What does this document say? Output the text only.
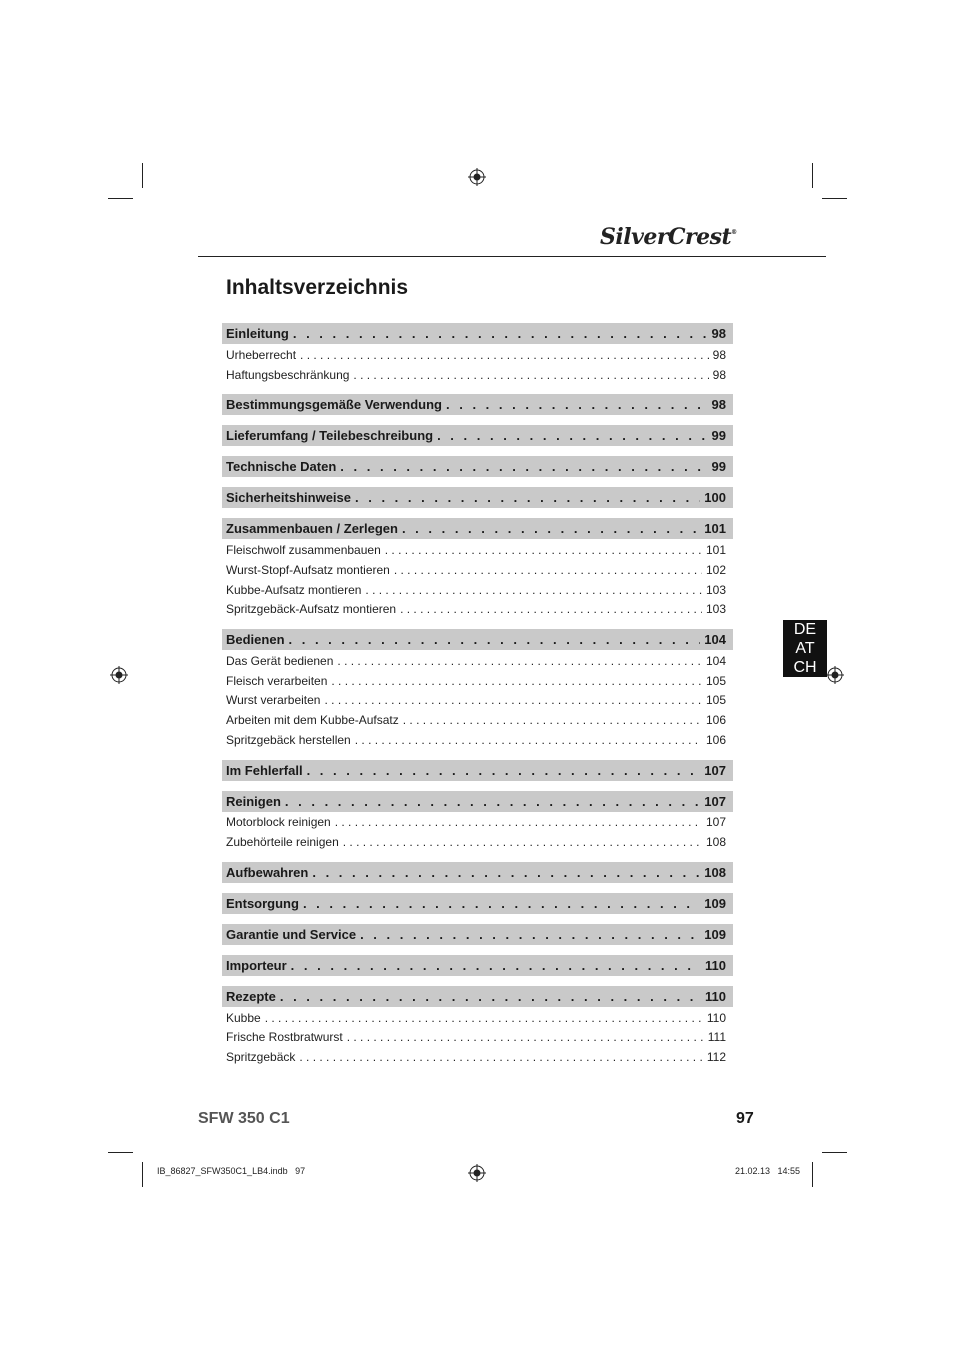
SilverCrest®
Inhaltsverzeichnis
Einleitung . . .	98
Urheberrecht . . .	98
Haftungsbeschränkung . . .	98
Bestimmungsgemäße Verwendung . . .	98
Lieferumfang / Teilebeschreibung . . .	99
Technische Daten . . .	99
Sicherheitshinweise . . .	100
Zusammenbauen / Zerlegen . . .	101
Fleischwolf zusammenbauen . . .	101
Wurst-Stopf-Aufsatz montieren . . .	102
Kubbe-Aufsatz montieren . . .	103
Spritzgebäck-Aufsatz montieren . . .	103
Bedienen . . .	104
Das Gerät bedienen . . .	104
Fleisch verarbeiten . . .	105
Wurst verarbeiten . . .	105
Arbeiten mit dem Kubbe-Aufsatz . . .	106
Spritzgebäck herstellen . . .	106
Im Fehlerfall . . .	107
Reinigen . . .	107
Motorblock reinigen . . .	107
Zubehörteile reinigen . . .	108
Aufbewahren . . .	108
Entsorgung . . .	109
Garantie und Service . . .	109
Importeur . . .	110
Rezepte . . .	110
Kubbe . . .	110
Frische Rostbratwurst . . .	111
Spritzgebäck . . .	112
DE
AT
CH
SFW 350 C1	97
IB_86827_SFW350C1_LB4.indb   97	21.02.13   14:55
